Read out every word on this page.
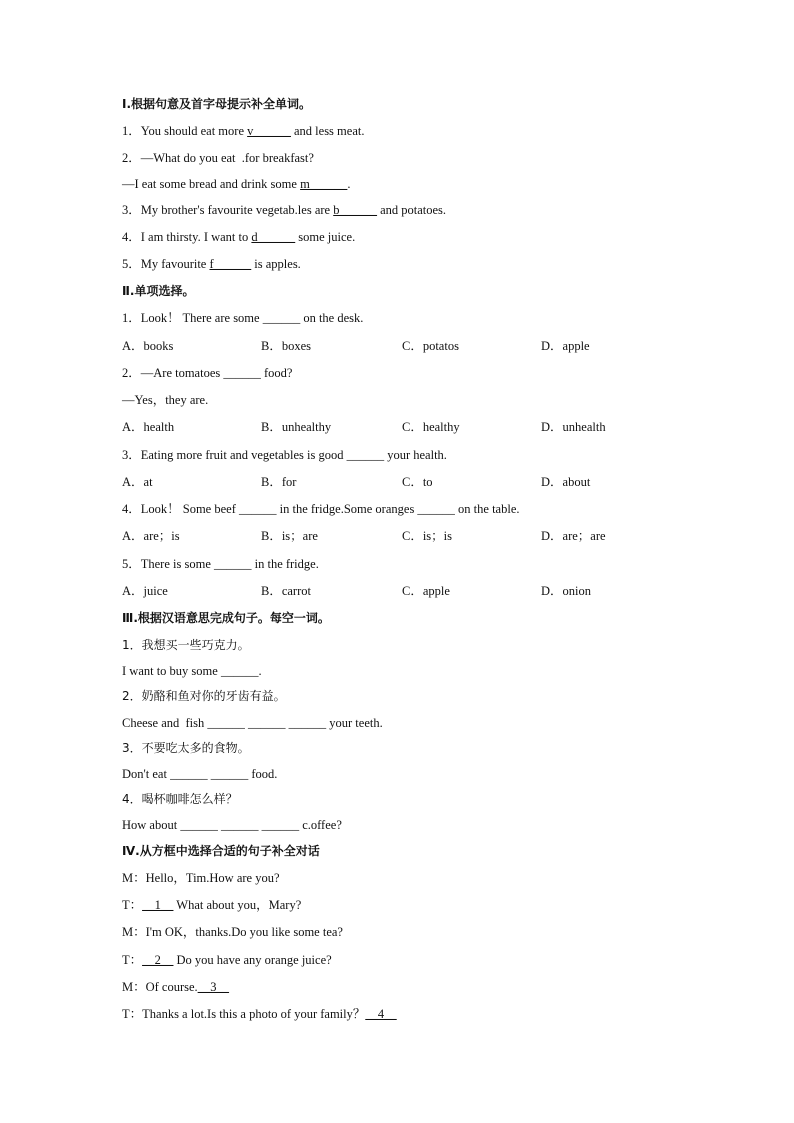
Ⅰ.根据句意及首字母提示补全单词。
1．You should eat more v______ and less meat.
2．—What do you eat  .for breakfast?
—I eat some bread and drink some m______.
3．My brother's favourite vegetab.les are b______ and potatoes.
4．I am thirsty. I want to d______ some juice.
5．My favourite f______ is apples.
Ⅱ.单项选择。
1．Look！ There are some ______ on the desk.
A．books	B．boxes	C．potatos	D．apple
2．—Are tomatoes ______ food?
—Yes，they are.
A．health	B．unhealthy	C．healthy	D．unhealth
3．Eating more fruit and vegetables is good ______ your health.
A．at	B．for	C．to	D．about
4．Look！ Some beef ______ in the fridge.Some oranges ______ on the table.
A．are；is	B．is；are	C．is；is	D．are；are
5．There is some ______ in the fridge.
A．juice	B．carrot	C．apple	D．onion
Ⅲ.根据汉语意思完成句子。每空一词。
1．我想买一些巧克力。
I want to buy some ______.
2．奶酪和鱼对你的牙齿有益。
Cheese and  fish ______ ______ ______ your teeth.
3．不要吃太多的食物。
Don't eat ______ ______ food.
4．喝杯咖啡怎么样？
How about ______ ______ ______ c.offee?
Ⅳ.从方框中选择合适的句子补全对话
M：Hello，Tim.How are you?
T：__1__ What about you，Mary?
M：I'm OK，thanks.Do you like some tea?
T：__2__ Do you have any orange juice?
M：Of course.__3__
T：Thanks a lot.Is this a photo of your family？__4__
